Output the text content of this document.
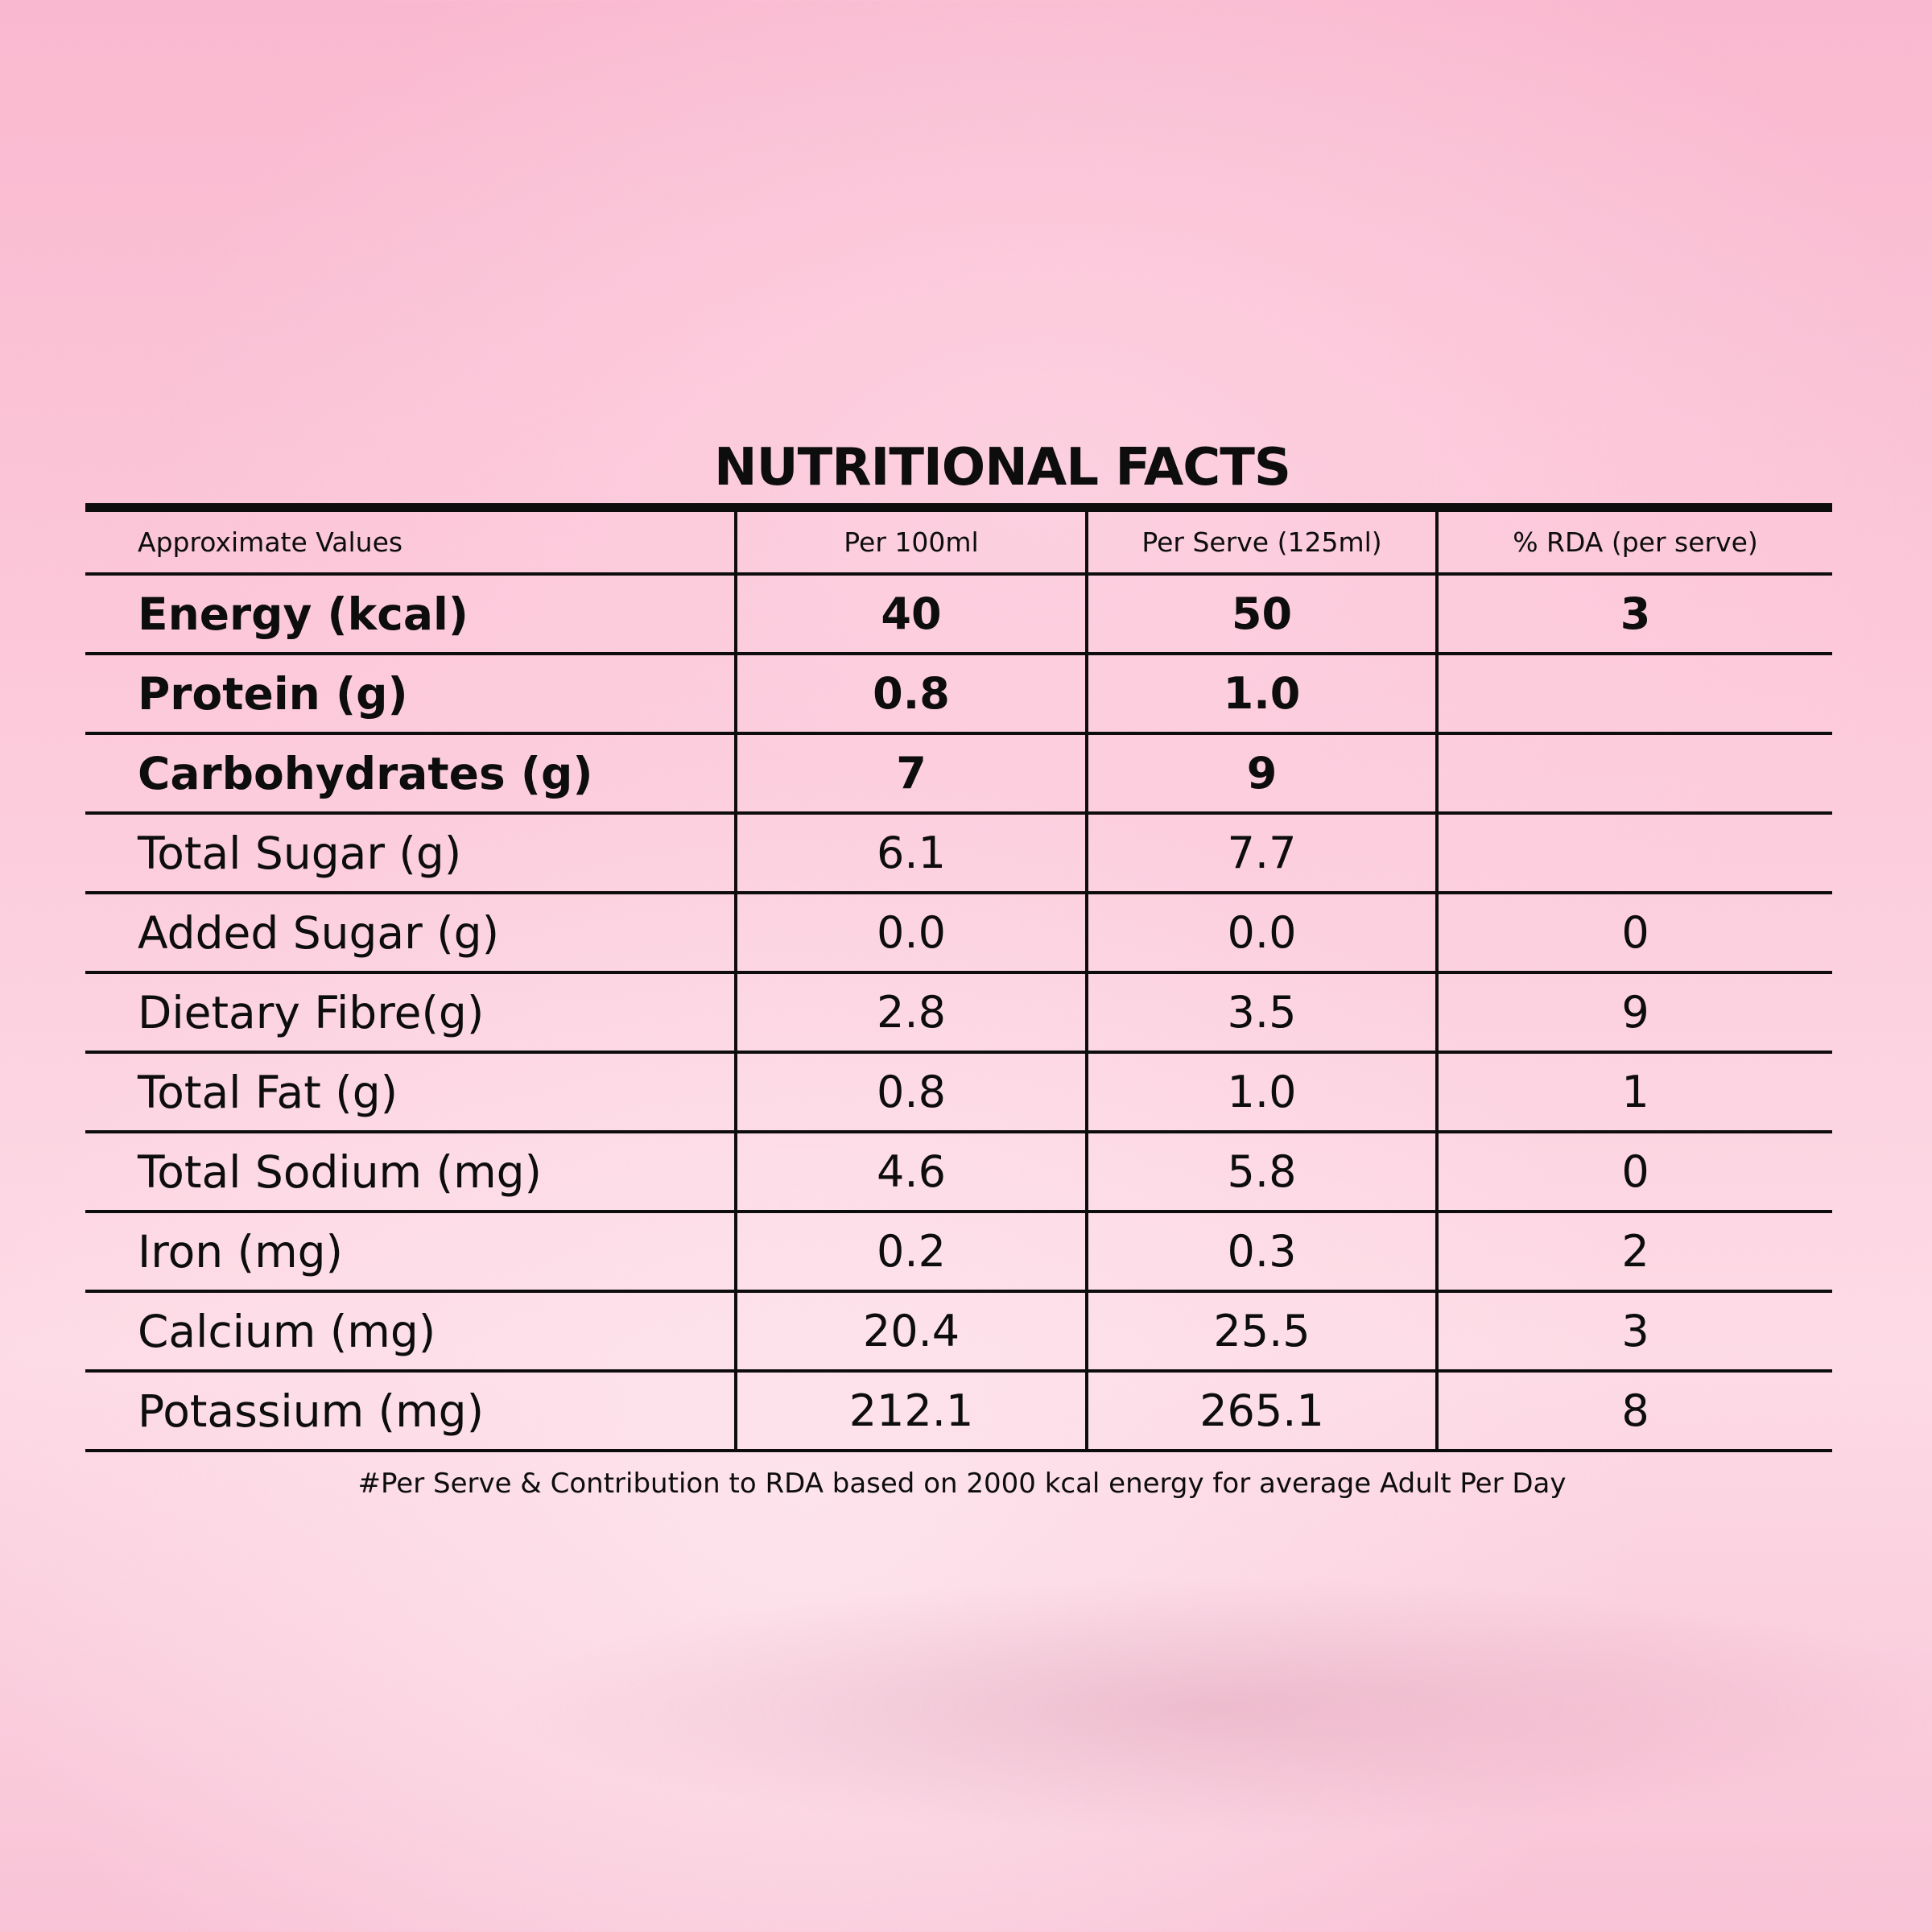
NUTRITIONAL FACTS
Approximate Values	Per 100ml	Per Serve (125ml)	% RDA (per serve)
Energy (kcal)	40	50	3
Protein (g)	0.8	1.0	
Carbohydrates (g)	7	9	
Total Sugar (g)	6.1	7.7	
Added Sugar (g)	0.0	0.0	0
Dietary Fibre(g)	2.8	3.5	9
Total Fat (g)	0.8	1.0	1
Total Sodium (mg)	4.6	5.8	0
Iron (mg)	0.2	0.3	2
Calcium (mg)	20.4	25.5	3
Potassium (mg)	212.1	265.1	8
#Per Serve & Contribution to RDA based on 2000 kcal energy for average Adult Per Day
